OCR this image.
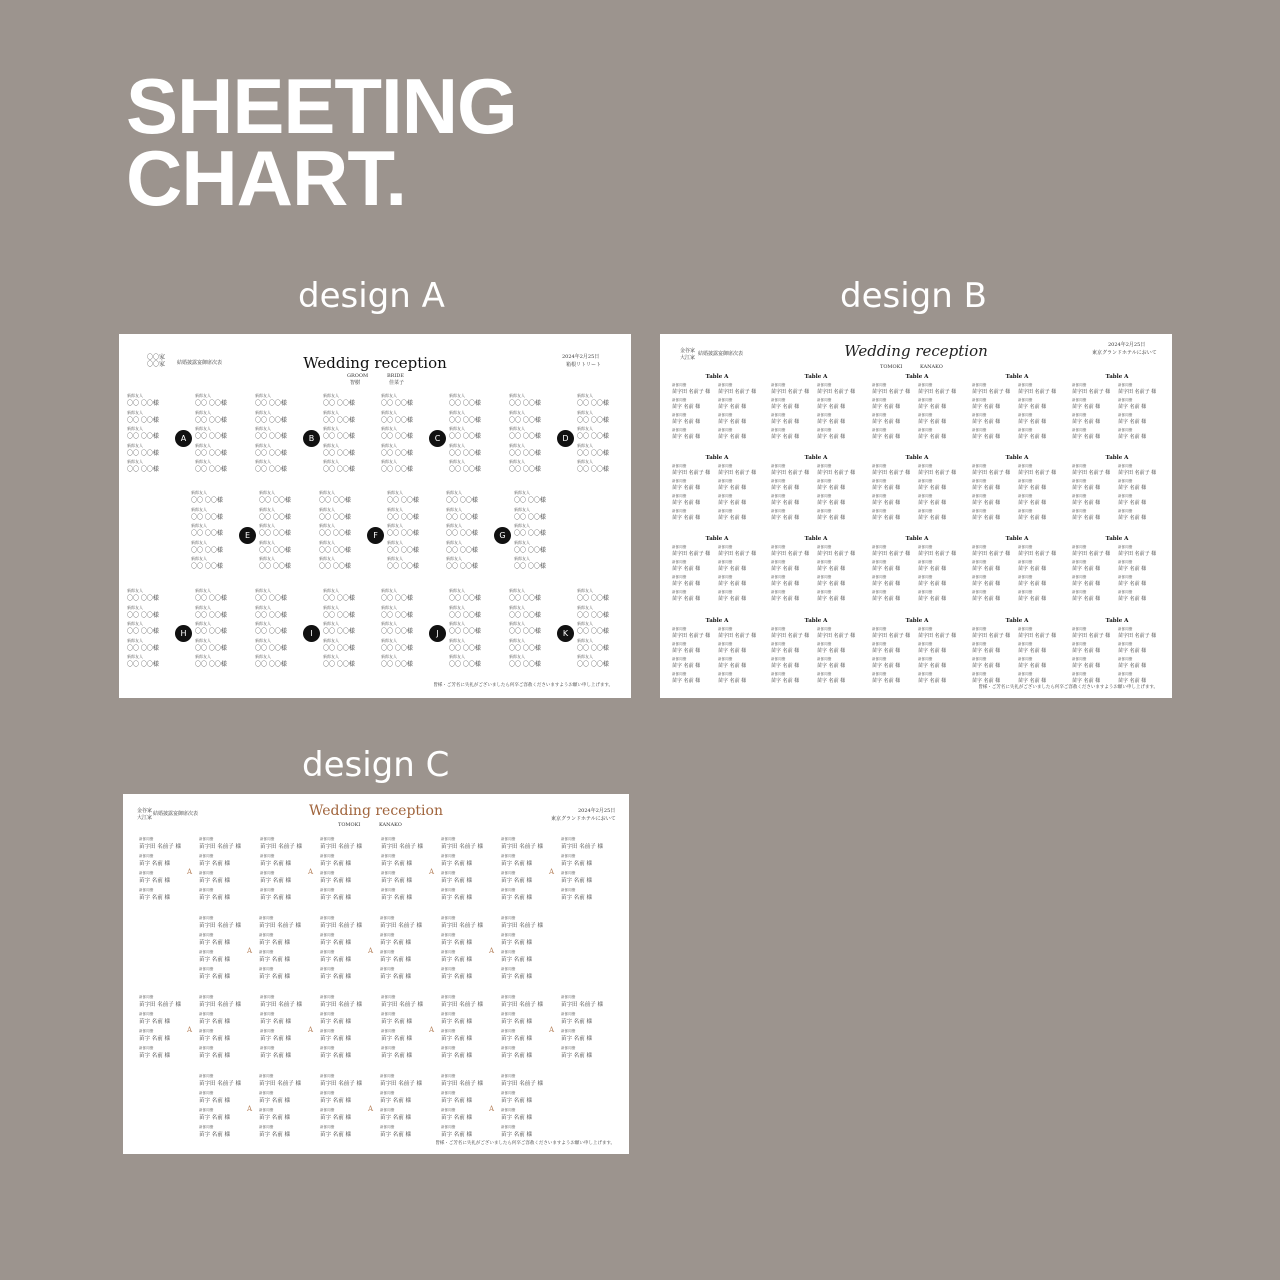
SHEETING
CHART.
design A	design B
design C
〇〇家
〇〇家 結婚披露宴御席次表	Wedding reception
GROOM	BRIDE
智樹	佳菜子
2024年2月25日
箱根リトリート
新郎友人
〇〇 〇〇様
新郎友人
〇〇 〇〇様
新郎友人
〇〇 〇〇様
新郎友人
〇〇 〇〇様
新郎友人
〇〇 〇〇様
新郎友人
〇〇 〇〇様
新郎友人
〇〇 〇〇様
新郎友人
〇〇 〇〇様
新郎友人
〇〇 〇〇様
新郎友人
〇〇 〇〇様
A
新郎友人
〇〇 〇〇様
新郎友人
〇〇 〇〇様
新郎友人
〇〇 〇〇様
新郎友人
〇〇 〇〇様
新郎友人
〇〇 〇〇様
新郎友人
〇〇 〇〇様
新郎友人
〇〇 〇〇様
新郎友人
〇〇 〇〇様
新郎友人
〇〇 〇〇様
新郎友人
〇〇 〇〇様
B
新郎友人
〇〇 〇〇様
新郎友人
〇〇 〇〇様
新郎友人
〇〇 〇〇様
新郎友人
〇〇 〇〇様
新郎友人
〇〇 〇〇様
新郎友人
〇〇 〇〇様
新郎友人
〇〇 〇〇様
新郎友人
〇〇 〇〇様
新郎友人
〇〇 〇〇様
新郎友人
〇〇 〇〇様
C
新郎友人
〇〇 〇〇様
新郎友人
〇〇 〇〇様
新郎友人
〇〇 〇〇様
新郎友人
〇〇 〇〇様
新郎友人
〇〇 〇〇様
新郎友人
〇〇 〇〇様
新郎友人
〇〇 〇〇様
新郎友人
〇〇 〇〇様
新郎友人
〇〇 〇〇様
新郎友人
〇〇 〇〇様
D
新郎友人
〇〇 〇〇様
新郎友人
〇〇 〇〇様
新郎友人
〇〇 〇〇様
新郎友人
〇〇 〇〇様
新郎友人
〇〇 〇〇様
新郎友人
〇〇 〇〇様
新郎友人
〇〇 〇〇様
新郎友人
〇〇 〇〇様
新郎友人
〇〇 〇〇様
新郎友人
〇〇 〇〇様
E
新郎友人
〇〇 〇〇様
新郎友人
〇〇 〇〇様
新郎友人
〇〇 〇〇様
新郎友人
〇〇 〇〇様
新郎友人
〇〇 〇〇様
新郎友人
〇〇 〇〇様
新郎友人
〇〇 〇〇様
新郎友人
〇〇 〇〇様
新郎友人
〇〇 〇〇様
新郎友人
〇〇 〇〇様
F
新郎友人
〇〇 〇〇様
新郎友人
〇〇 〇〇様
新郎友人
〇〇 〇〇様
新郎友人
〇〇 〇〇様
新郎友人
〇〇 〇〇様
新郎友人
〇〇 〇〇様
新郎友人
〇〇 〇〇様
新郎友人
〇〇 〇〇様
新郎友人
〇〇 〇〇様
新郎友人
〇〇 〇〇様
G
新郎友人
〇〇 〇〇様
新郎友人
〇〇 〇〇様
新郎友人
〇〇 〇〇様
新郎友人
〇〇 〇〇様
新郎友人
〇〇 〇〇様
新郎友人
〇〇 〇〇様
新郎友人
〇〇 〇〇様
新郎友人
〇〇 〇〇様
新郎友人
〇〇 〇〇様
新郎友人
〇〇 〇〇様
H
新郎友人
〇〇 〇〇様
新郎友人
〇〇 〇〇様
新郎友人
〇〇 〇〇様
新郎友人
〇〇 〇〇様
新郎友人
〇〇 〇〇様
新郎友人
〇〇 〇〇様
新郎友人
〇〇 〇〇様
新郎友人
〇〇 〇〇様
新郎友人
〇〇 〇〇様
新郎友人
〇〇 〇〇様
I
新郎友人
〇〇 〇〇様
新郎友人
〇〇 〇〇様
新郎友人
〇〇 〇〇様
新郎友人
〇〇 〇〇様
新郎友人
〇〇 〇〇様
新郎友人
〇〇 〇〇様
新郎友人
〇〇 〇〇様
新郎友人
〇〇 〇〇様
新郎友人
〇〇 〇〇様
新郎友人
〇〇 〇〇様
J
新郎友人
〇〇 〇〇様
新郎友人
〇〇 〇〇様
新郎友人
〇〇 〇〇様
新郎友人
〇〇 〇〇様
新郎友人
〇〇 〇〇様
新郎友人
〇〇 〇〇様
新郎友人
〇〇 〇〇様
新郎友人
〇〇 〇〇様
新郎友人
〇〇 〇〇様
新郎友人
〇〇 〇〇様
K
皆様・ご芳名に失礼がございましたら何卒ご容赦くださいますようお願い申し上げます。
金谷家
大江家
結婚披露宴御席次表	Wedding reception
TOMOKI	KANAKO
2024年2月25日
東京グランドホテルにおいて
Table A
新郎同僚
苗字田 名前子 様
新郎同僚
苗字 名前 様
新郎同僚
苗字 名前 様
新郎同僚
苗字 名前 様
新郎同僚
苗字田 名前子 様
新郎同僚
苗字 名前 様
新郎同僚
苗字 名前 様
新郎同僚
苗字 名前 様
Table A
新郎同僚
苗字田 名前子 様
新郎同僚
苗字 名前 様
新郎同僚
苗字 名前 様
新郎同僚
苗字 名前 様
新郎同僚
苗字田 名前子 様
新郎同僚
苗字 名前 様
新郎同僚
苗字 名前 様
新郎同僚
苗字 名前 様
Table A
新郎同僚
苗字田 名前子 様
新郎同僚
苗字 名前 様
新郎同僚
苗字 名前 様
新郎同僚
苗字 名前 様
新郎同僚
苗字田 名前子 様
新郎同僚
苗字 名前 様
新郎同僚
苗字 名前 様
新郎同僚
苗字 名前 様
Table A
新郎同僚
苗字田 名前子 様
新郎同僚
苗字 名前 様
新郎同僚
苗字 名前 様
新郎同僚
苗字 名前 様
新郎同僚
苗字田 名前子 様
新郎同僚
苗字 名前 様
新郎同僚
苗字 名前 様
新郎同僚
苗字 名前 様
Table A
新郎同僚
苗字田 名前子 様
新郎同僚
苗字 名前 様
新郎同僚
苗字 名前 様
新郎同僚
苗字 名前 様
新郎同僚
苗字田 名前子 様
新郎同僚
苗字 名前 様
新郎同僚
苗字 名前 様
新郎同僚
苗字 名前 様
Table A
新郎同僚
苗字田 名前子 様
新郎同僚
苗字 名前 様
新郎同僚
苗字 名前 様
新郎同僚
苗字 名前 様
新郎同僚
苗字田 名前子 様
新郎同僚
苗字 名前 様
新郎同僚
苗字 名前 様
新郎同僚
苗字 名前 様
Table A
新郎同僚
苗字田 名前子 様
新郎同僚
苗字 名前 様
新郎同僚
苗字 名前 様
新郎同僚
苗字 名前 様
新郎同僚
苗字田 名前子 様
新郎同僚
苗字 名前 様
新郎同僚
苗字 名前 様
新郎同僚
苗字 名前 様
Table A
新郎同僚
苗字田 名前子 様
新郎同僚
苗字 名前 様
新郎同僚
苗字 名前 様
新郎同僚
苗字 名前 様
新郎同僚
苗字田 名前子 様
新郎同僚
苗字 名前 様
新郎同僚
苗字 名前 様
新郎同僚
苗字 名前 様
Table A
新郎同僚
苗字田 名前子 様
新郎同僚
苗字 名前 様
新郎同僚
苗字 名前 様
新郎同僚
苗字 名前 様
新郎同僚
苗字田 名前子 様
新郎同僚
苗字 名前 様
新郎同僚
苗字 名前 様
新郎同僚
苗字 名前 様
Table A
新郎同僚
苗字田 名前子 様
新郎同僚
苗字 名前 様
新郎同僚
苗字 名前 様
新郎同僚
苗字 名前 様
新郎同僚
苗字田 名前子 様
新郎同僚
苗字 名前 様
新郎同僚
苗字 名前 様
新郎同僚
苗字 名前 様
Table A
新郎同僚
苗字田 名前子 様
新郎同僚
苗字 名前 様
新郎同僚
苗字 名前 様
新郎同僚
苗字 名前 様
新郎同僚
苗字田 名前子 様
新郎同僚
苗字 名前 様
新郎同僚
苗字 名前 様
新郎同僚
苗字 名前 様
Table A
新郎同僚
苗字田 名前子 様
新郎同僚
苗字 名前 様
新郎同僚
苗字 名前 様
新郎同僚
苗字 名前 様
新郎同僚
苗字田 名前子 様
新郎同僚
苗字 名前 様
新郎同僚
苗字 名前 様
新郎同僚
苗字 名前 様
Table A
新郎同僚
苗字田 名前子 様
新郎同僚
苗字 名前 様
新郎同僚
苗字 名前 様
新郎同僚
苗字 名前 様
新郎同僚
苗字田 名前子 様
新郎同僚
苗字 名前 様
新郎同僚
苗字 名前 様
新郎同僚
苗字 名前 様
Table A
新郎同僚
苗字田 名前子 様
新郎同僚
苗字 名前 様
新郎同僚
苗字 名前 様
新郎同僚
苗字 名前 様
新郎同僚
苗字田 名前子 様
新郎同僚
苗字 名前 様
新郎同僚
苗字 名前 様
新郎同僚
苗字 名前 様
Table A
新郎同僚
苗字田 名前子 様
新郎同僚
苗字 名前 様
新郎同僚
苗字 名前 様
新郎同僚
苗字 名前 様
新郎同僚
苗字田 名前子 様
新郎同僚
苗字 名前 様
新郎同僚
苗字 名前 様
新郎同僚
苗字 名前 様
Table A
新郎同僚
苗字田 名前子 様
新郎同僚
苗字 名前 様
新郎同僚
苗字 名前 様
新郎同僚
苗字 名前 様
新郎同僚
苗字田 名前子 様
新郎同僚
苗字 名前 様
新郎同僚
苗字 名前 様
新郎同僚
苗字 名前 様
Table A
新郎同僚
苗字田 名前子 様
新郎同僚
苗字 名前 様
新郎同僚
苗字 名前 様
新郎同僚
苗字 名前 様
新郎同僚
苗字田 名前子 様
新郎同僚
苗字 名前 様
新郎同僚
苗字 名前 様
新郎同僚
苗字 名前 様
Table A
新郎同僚
苗字田 名前子 様
新郎同僚
苗字 名前 様
新郎同僚
苗字 名前 様
新郎同僚
苗字 名前 様
新郎同僚
苗字田 名前子 様
新郎同僚
苗字 名前 様
新郎同僚
苗字 名前 様
新郎同僚
苗字 名前 様
Table A
新郎同僚
苗字田 名前子 様
新郎同僚
苗字 名前 様
新郎同僚
苗字 名前 様
新郎同僚
苗字 名前 様
新郎同僚
苗字田 名前子 様
新郎同僚
苗字 名前 様
新郎同僚
苗字 名前 様
新郎同僚
苗字 名前 様
Table A
新郎同僚
苗字田 名前子 様
新郎同僚
苗字 名前 様
新郎同僚
苗字 名前 様
新郎同僚
苗字 名前 様
新郎同僚
苗字田 名前子 様
新郎同僚
苗字 名前 様
新郎同僚
苗字 名前 様
新郎同僚
苗字 名前 様
皆様・ご芳名に失礼がございましたら何卒ご容赦くださいますようお願い申し上げます。
金谷家
大江家
結婚披露宴御席次表	Wedding reception
TOMOKI	KANAKO
2024年2月25日
東京グランドホテルにおいて
新郎同僚
苗字田 名前子 様
新郎同僚
苗字 名前 様
新郎同僚
苗字 名前 様
新郎同僚
苗字 名前 様
新郎同僚
苗字田 名前子 様
新郎同僚
苗字 名前 様
新郎同僚
苗字 名前 様
新郎同僚
苗字 名前 様
A
新郎同僚
苗字田 名前子 様
新郎同僚
苗字 名前 様
新郎同僚
苗字 名前 様
新郎同僚
苗字 名前 様
新郎同僚
苗字田 名前子 様
新郎同僚
苗字 名前 様
新郎同僚
苗字 名前 様
新郎同僚
苗字 名前 様
A
新郎同僚
苗字田 名前子 様
新郎同僚
苗字 名前 様
新郎同僚
苗字 名前 様
新郎同僚
苗字 名前 様
新郎同僚
苗字田 名前子 様
新郎同僚
苗字 名前 様
新郎同僚
苗字 名前 様
新郎同僚
苗字 名前 様
A
新郎同僚
苗字田 名前子 様
新郎同僚
苗字 名前 様
新郎同僚
苗字 名前 様
新郎同僚
苗字 名前 様
新郎同僚
苗字田 名前子 様
新郎同僚
苗字 名前 様
新郎同僚
苗字 名前 様
新郎同僚
苗字 名前 様
A
新郎同僚
苗字田 名前子 様
新郎同僚
苗字 名前 様
新郎同僚
苗字 名前 様
新郎同僚
苗字 名前 様
新郎同僚
苗字田 名前子 様
新郎同僚
苗字 名前 様
新郎同僚
苗字 名前 様
新郎同僚
苗字 名前 様
A
新郎同僚
苗字田 名前子 様
新郎同僚
苗字 名前 様
新郎同僚
苗字 名前 様
新郎同僚
苗字 名前 様
新郎同僚
苗字田 名前子 様
新郎同僚
苗字 名前 様
新郎同僚
苗字 名前 様
新郎同僚
苗字 名前 様
A
新郎同僚
苗字田 名前子 様
新郎同僚
苗字 名前 様
新郎同僚
苗字 名前 様
新郎同僚
苗字 名前 様
新郎同僚
苗字田 名前子 様
新郎同僚
苗字 名前 様
新郎同僚
苗字 名前 様
新郎同僚
苗字 名前 様
A
新郎同僚
苗字田 名前子 様
新郎同僚
苗字 名前 様
新郎同僚
苗字 名前 様
新郎同僚
苗字 名前 様
新郎同僚
苗字田 名前子 様
新郎同僚
苗字 名前 様
新郎同僚
苗字 名前 様
新郎同僚
苗字 名前 様
A
新郎同僚
苗字田 名前子 様
新郎同僚
苗字 名前 様
新郎同僚
苗字 名前 様
新郎同僚
苗字 名前 様
新郎同僚
苗字田 名前子 様
新郎同僚
苗字 名前 様
新郎同僚
苗字 名前 様
新郎同僚
苗字 名前 様
A
新郎同僚
苗字田 名前子 様
新郎同僚
苗字 名前 様
新郎同僚
苗字 名前 様
新郎同僚
苗字 名前 様
新郎同僚
苗字田 名前子 様
新郎同僚
苗字 名前 様
新郎同僚
苗字 名前 様
新郎同僚
苗字 名前 様
A
新郎同僚
苗字田 名前子 様
新郎同僚
苗字 名前 様
新郎同僚
苗字 名前 様
新郎同僚
苗字 名前 様
新郎同僚
苗字田 名前子 様
新郎同僚
苗字 名前 様
新郎同僚
苗字 名前 様
新郎同僚
苗字 名前 様
A
新郎同僚
苗字田 名前子 様
新郎同僚
苗字 名前 様
新郎同僚
苗字 名前 様
新郎同僚
苗字 名前 様
新郎同僚
苗字田 名前子 様
新郎同僚
苗字 名前 様
新郎同僚
苗字 名前 様
新郎同僚
苗字 名前 様
A
新郎同僚
苗字田 名前子 様
新郎同僚
苗字 名前 様
新郎同僚
苗字 名前 様
新郎同僚
苗字 名前 様
新郎同僚
苗字田 名前子 様
新郎同僚
苗字 名前 様
新郎同僚
苗字 名前 様
新郎同僚
苗字 名前 様
A
新郎同僚
苗字田 名前子 様
新郎同僚
苗字 名前 様
新郎同僚
苗字 名前 様
新郎同僚
苗字 名前 様
新郎同僚
苗字田 名前子 様
新郎同僚
苗字 名前 様
新郎同僚
苗字 名前 様
新郎同僚
苗字 名前 様
A
皆様・ご芳名に失礼がございましたら何卒ご容赦くださいますようお願い申し上げます。
